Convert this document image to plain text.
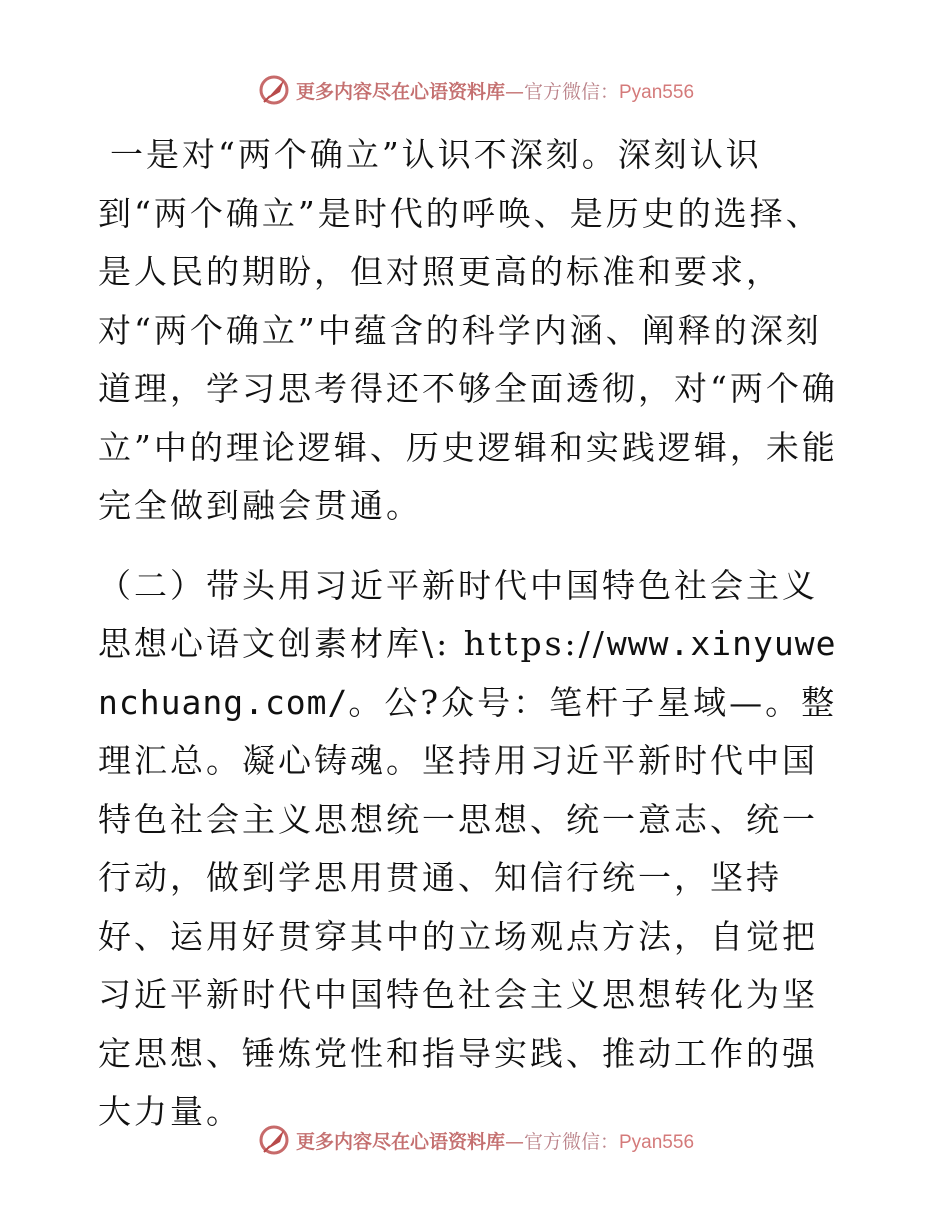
更多内容尽在心语资料库—官方微信：Pyan556

一是对“两个确立”认识不深刻。深刻认识到“两个确立”是时代的呼唤、是历史的选择、是人民的期盼，但对照更高的标准和要求，对“两个确立”中蕴含的科学内涵、阐释的深刻道理，学习思考得还不够全面透彻，对“两个确立”中的理论逻辑、历史逻辑和实践逻辑，未能完全做到融会贯通。

（二）带头用习近平新时代中国特色社会主义思想心语文创素材库\: https://www.xinyuwenchuang.com/。公?众号：笔杆子星域—。整理汇总。凝心铸魂。坚持用习近平新时代中国特色社会主义思想统一思想、统一意志、统一行动，做到学思用贯通、知信行统一，坚持好、运用好贯穿其中的立场观点方法，自觉把习近平新时代中国特色社会主义思想转化为坚定思想、锤炼党性和指导实践、推动工作的强大力量。

更多内容尽在心语资料库—官方微信：Pyan556
